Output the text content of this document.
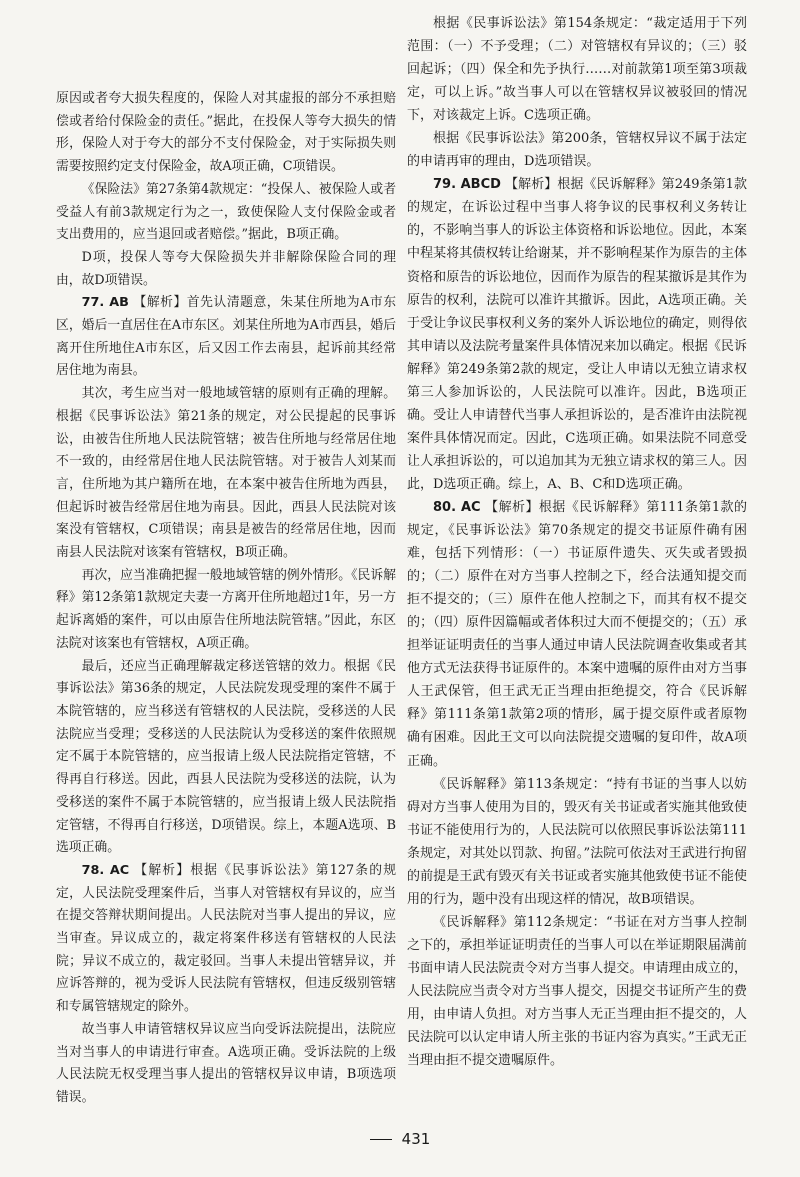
原因或者夸大损失程度的，保险人对其虚报的部分不承担赔偿或者给付保险金的责任。”据此，在投保人等夸大损失的情形，保险人对于夸大的部分不支付保险金，对于实际损失则需要按照约定支付保险金，故A项正确，C项错误。

《保险法》第27条第4款规定：“投保人、被保险人或者受益人有前3款规定行为之一，致使保险人支付保险金或者支出费用的，应当退回或者赔偿。”据此，B项正确。

D项，投保人等夸大保险损失并非解除保险合同的理由，故D项错误。

77. AB 【解析】首先认清题意，朱某住所地为A市东区，婚后一直居住在A市东区。刘某住所地为A市西县，婚后离开住所地住A市东区，后又因工作去南县，起诉前其经常居住地为南县。

其次，考生应当对一般地域管辖的原则有正确的理解。根据《民事诉讼法》第21条的规定，对公民提起的民事诉讼，由被告住所地人民法院管辖；被告住所地与经常居住地不一致的，由经常居住地人民法院管辖。对于被告人刘某而言，住所地为其户籍所在地，在本案中被告住所地为西县，但起诉时被告经常居住地为南县。因此，西县人民法院对该案没有管辖权，C项错误；南县是被告的经常居住地，因而南县人民法院对该案有管辖权，B项正确。

再次，应当准确把握一般地域管辖的例外情形。《民诉解释》第12条第1款规定夫妻一方离开住所地超过1年，另一方起诉离婚的案件，可以由原告住所地法院管辖。”因此，东区法院对该案也有管辖权，A项正确。

最后，还应当正确理解裁定移送管辖的效力。根据《民事诉讼法》第36条的规定，人民法院发现受理的案件不属于本院管辖的，应当移送有管辖权的人民法院，受移送的人民法院应当受理；受移送的人民法院认为受移送的案件依照规定不属于本院管辖的，应当报请上级人民法院指定管辖，不得再自行移送。因此，西县人民法院为受移送的法院，认为受移送的案件不属于本院管辖的，应当报请上级人民法院指定管辖，不得再自行移送，D项错误。综上，本题A选项、B选项正确。

78. AC 【解析】根据《民事诉讼法》第127条的规定，人民法院受理案件后，当事人对管辖权有异议的，应当在提交答辩状期间提出。人民法院对当事人提出的异议，应当审查。异议成立的，裁定将案件移送有管辖权的人民法院；异议不成立的，裁定驳回。当事人未提出管辖异议，并应诉答辩的，视为受诉人民法院有管辖权，但违反级别管辖和专属管辖规定的除外。

故当事人申请管辖权异议应当向受诉法院提出，法院应当对当事人的申请进行审查。A选项正确。受诉法院的上级人民法院无权受理当事人提出的管辖权异议申请，B项选项错误。

根据《民事诉讼法》第154条规定：“裁定适用于下列范围：（一）不予受理；（二）对管辖权有异议的；（三）驳回起诉；（四）保全和先予执行……对前款第1项至第3项裁定，可以上诉。”故当事人可以在管辖权异议被驳回的情况下，对该裁定上诉。C选项正确。

根据《民事诉讼法》第200条，管辖权异议不属于法定的申请再审的理由，D选项错误。

79. ABCD 【解析】根据《民诉解释》第249条第1款的规定，在诉讼过程中当事人将争议的民事权利义务转让的，不影响当事人的诉讼主体资格和诉讼地位。因此，本案中程某将其债权转让给谢某，并不影响程某作为原告的主体资格和原告的诉讼地位，因而作为原告的程某撤诉是其作为原告的权利，法院可以准许其撤诉。因此，A选项正确。关于受让争议民事权利义务的案外人诉讼地位的确定，则得依其申请以及法院考量案件具体情况来加以确定。根据《民诉解释》第249条第2款的规定，受让人申请以无独立请求权第三人参加诉讼的，人民法院可以准许。因此，B选项正确。受让人申请替代当事人承担诉讼的，是否准许由法院视案件具体情况而定。因此，C选项正确。如果法院不同意受让人承担诉讼的，可以追加其为无独立请求权的第三人。因此，D选项正确。综上，A、B、C和D选项正确。

80. AC 【解析】根据《民诉解释》第111条第1款的规定，《民事诉讼法》第70条规定的提交书证原件确有困难，包括下列情形：（一）书证原件遗失、灭失或者毁损的；（二）原件在对方当事人控制之下，经合法通知提交而拒不提交的；（三）原件在他人控制之下，而其有权不提交的；（四）原件因篇幅或者体积过大而不便提交的；（五）承担举证证明责任的当事人通过申请人民法院调查收集或者其他方式无法获得书证原件的。本案中遗嘱的原件由对方当事人王武保管，但王武无正当理由拒绝提交，符合《民诉解释》第111条第1款第2项的情形，属于提交原件或者原物确有困难。因此王文可以向法院提交遗嘱的复印件，故A项正确。

《民诉解释》第113条规定：“持有书证的当事人以妨碍对方当事人使用为目的，毁灭有关书证或者实施其他致使书证不能使用行为的，人民法院可以依照民事诉讼法第111条规定，对其处以罚款、拘留。”法院可依法对王武进行拘留的前提是王武有毁灭有关书证或者实施其他致使书证不能使用的行为，题中没有出现这样的情况，故B项错误。

《民诉解释》第112条规定：“书证在对方当事人控制之下的，承担举证证明责任的当事人可以在举证期限届满前书面申请人民法院责令对方当事人提交。申请理由成立的，人民法院应当责令对方当事人提交，因提交书证所产生的费用，由申请人负担。对方当事人无正当理由拒不提交的，人民法院可以认定申请人所主张的书证内容为真实。”王武无正当理由拒不提交遗嘱原件。

431
